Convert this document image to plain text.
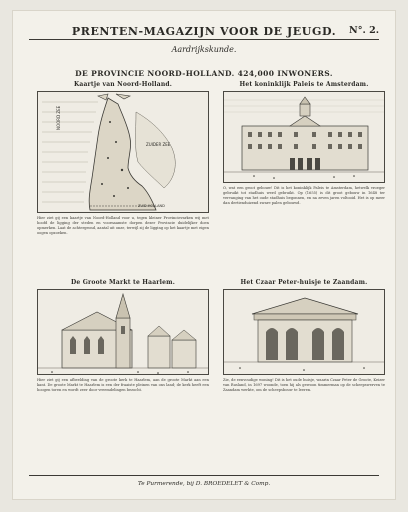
PRENTEN-MAGAZIJN VOOR DE JEUGD.	N°. 2.
Aardrijkskunde.
DE PROVINCIE NOORD-HOLLAND. 424,000 INWONERS.
Kaartje van Noord-Holland.
NOORD ZEE
ZUIDER ZEE
ZUID HOLLAND
Hier ziet gij een kaartje van Noord-Holland voor u, tegen kleiner Provincievarken wij met hoofd de ligging der steden en voornaamste dorpen dezer Provincie duidelijker doen opmerken. Laat de achtergrond, aantal uit onze, terwijl zij de ligging op het kaartje met eigen oogen opzoeken.
Het koninklijk Paleis te Amsterdam.
O, wat een groot gebouw! Dit is het koninklijk Paleis te Amsterdam, hetwelk vroeger gebruikt tot stadhuis werd gebruikt. Op (1655) is dit groot gebouw in 1648 ter vervanging van het oude stadhuis begonnen, en na zeven jaren voltooid. Het is op meer dan dertienduizend zware palen gebouwd.
De Groote Markt te Haarlem.
Hier ziet gij een afbeelding van de groote kerk te Haarlem, aan de groote Markt aan een kant. De groote Markt te Haarlem is een der fraaiste pleinen van ons land; de kerk heeft een hoogen toren en wordt zeer door vreemdelingen bezocht.
Het Czaar Peter-huisje te Zaandam.
Zie, de eenvoudige woning! Dit is het oude huisje, waarin Czaar Peter de Groote, Keizer van Rusland, in 1697 woonde, toen hij als gewoon timmerman op de scheepswerven te Zaandam werkte, om de scheepsbouw te leeren.
Te Purmerende, bij D. BROEDELET & Comp.
